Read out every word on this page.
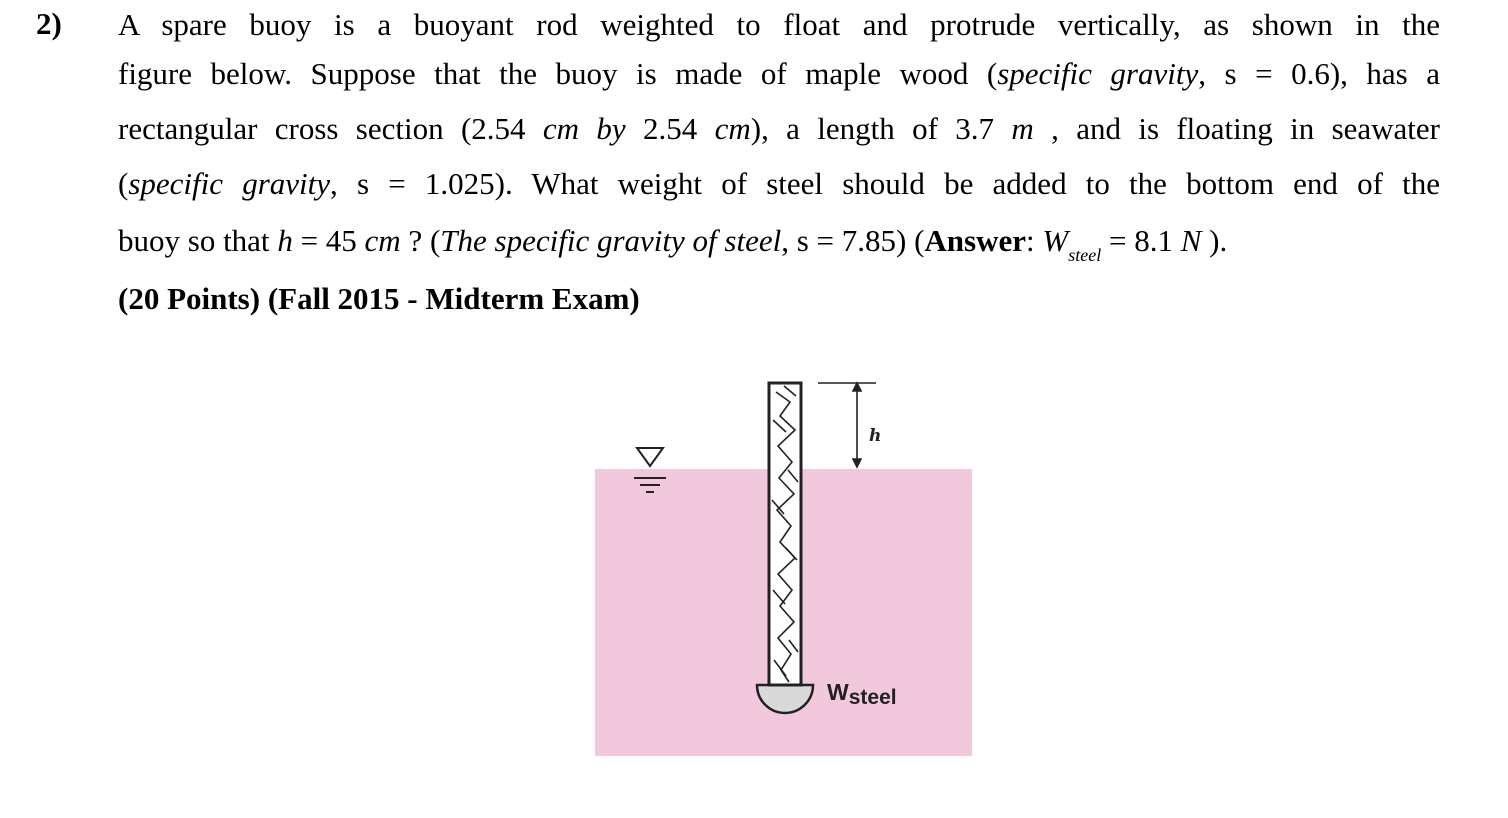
2) A spare buoy is a buoyant rod weighted to float and protrude vertically, as shown in the
figure below. Suppose that the buoy is made of maple wood (specific gravity, s = 0.6), has a
rectangular cross section (2.54 cm by 2.54 cm), a length of 3.7 m , and is floating in seawater
(specific gravity, s = 1.025). What weight of steel should be added to the bottom end of the
buoy so that h = 45 cm ? (The specific gravity of steel, s = 7.85) (Answer: $W_{steel} = 8.1$ N ).
(20 Points) (Fall 2015 - Midterm Exam)
h
Wsteel
